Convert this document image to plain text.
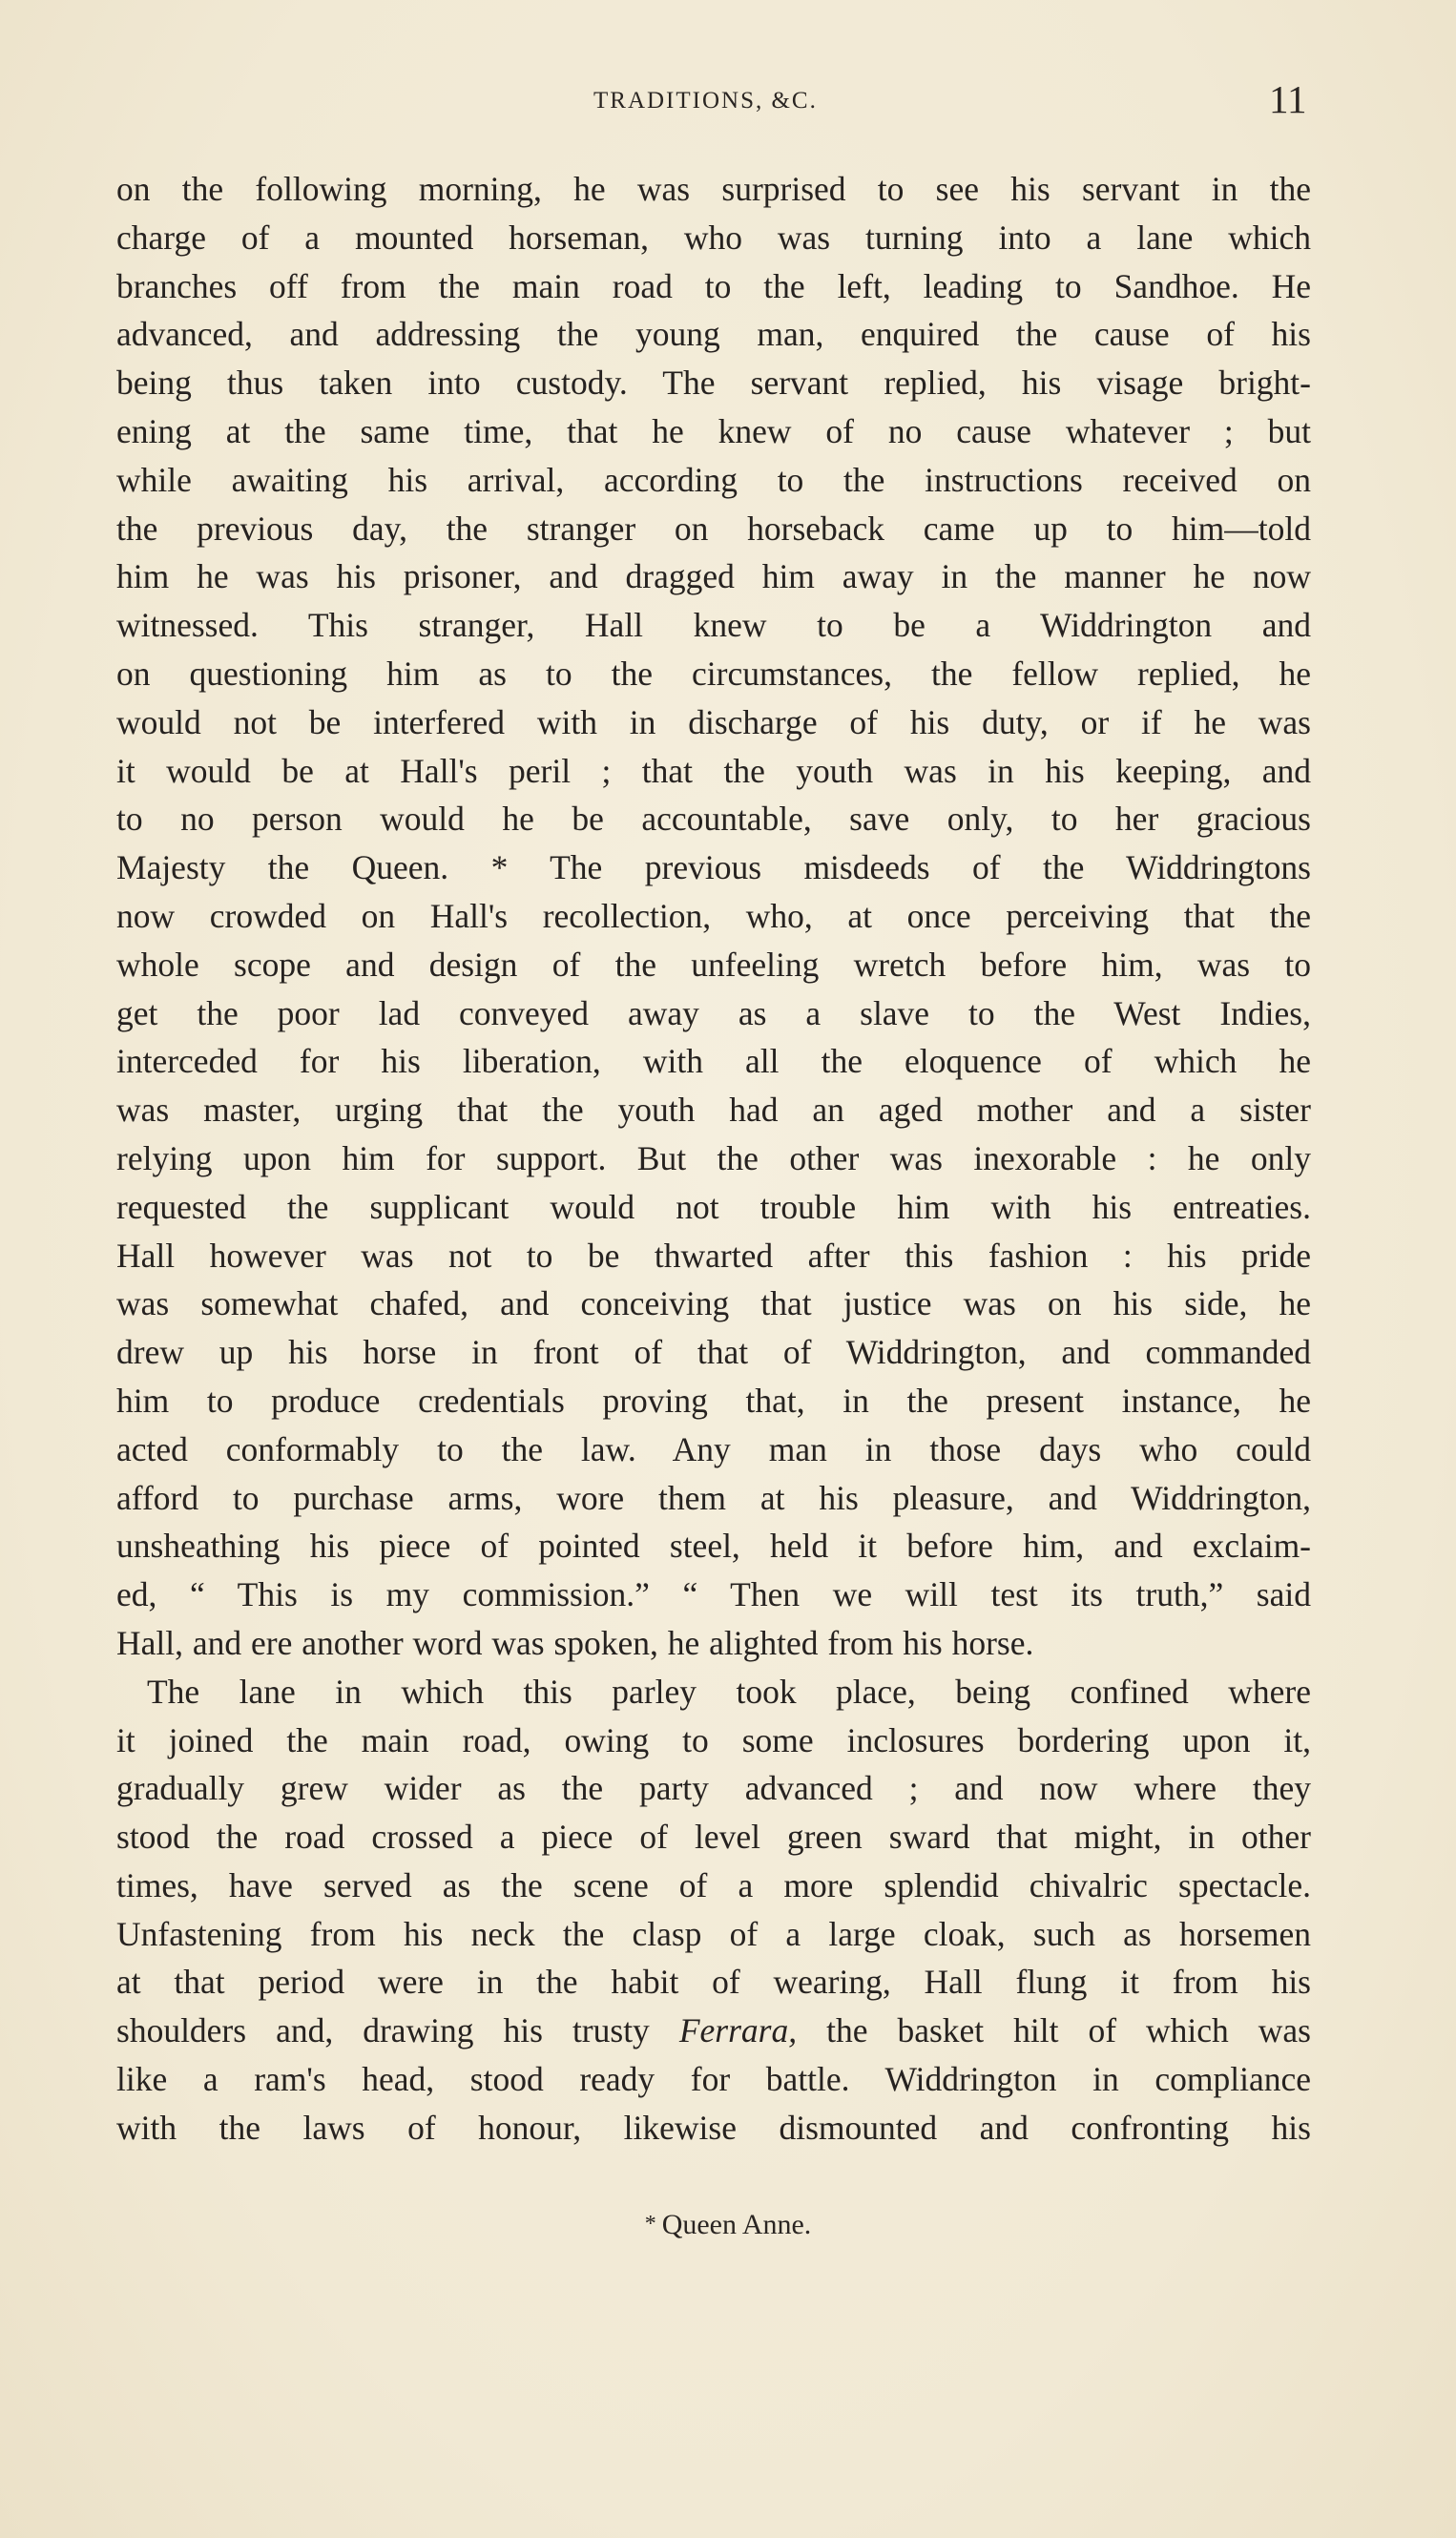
TRADITIONS, &C.	11
on the following morning, he was surprised to see his servant in the
charge of a mounted horseman, who was turning into a lane which
branches off from the main road to the left, leading to Sandhoe. He
advanced, and addressing the young man, enquired the cause of his
being thus taken into custody. The servant replied, his visage bright-
ening at the same time, that he knew of no cause whatever ; but
while awaiting his arrival, according to the instructions received on
the previous day, the stranger on horseback came up to him—told
him he was his prisoner, and dragged him away in the manner he now
witnessed. This stranger, Hall knew to be a Widdrington and
on questioning him as to the circumstances, the fellow replied, he
would not be interfered with in discharge of his duty, or if he was
it would be at Hall's peril ; that the youth was in his keeping, and
to no person would he be accountable, save only, to her gracious
Majesty the Queen. * The previous misdeeds of the Widdringtons
now crowded on Hall's recollection, who, at once perceiving that the
whole scope and design of the unfeeling wretch before him, was to
get the poor lad conveyed away as a slave to the West Indies,
interceded for his liberation, with all the eloquence of which he
was master, urging that the youth had an aged mother and a sister
relying upon him for support. But the other was inexorable : he only
requested the supplicant would not trouble him with his entreaties.
Hall however was not to be thwarted after this fashion : his pride
was somewhat chafed, and conceiving that justice was on his side, he
drew up his horse in front of that of Widdrington, and commanded
him to produce credentials proving that, in the present instance, he
acted conformably to the law. Any man in those days who could
afford to purchase arms, wore them at his pleasure, and Widdrington,
unsheathing his piece of pointed steel, held it before him, and exclaim-
ed, “ This is my commission.” “ Then we will test its truth,” said
Hall, and ere another word was spoken, he alighted from his horse.
The lane in which this parley took place, being confined where
it joined the main road, owing to some inclosures bordering upon it,
gradually grew wider as the party advanced ; and now where they
stood the road crossed a piece of level green sward that might, in other
times, have served as the scene of a more splendid chivalric spectacle.
Unfastening from his neck the clasp of a large cloak, such as horsemen
at that period were in the habit of wearing, Hall flung it from his
shoulders and, drawing his trusty Ferrara, the basket hilt of which was
like a ram's head, stood ready for battle. Widdrington in compliance
with the laws of honour, likewise dismounted and confronting his
* Queen Anne.
